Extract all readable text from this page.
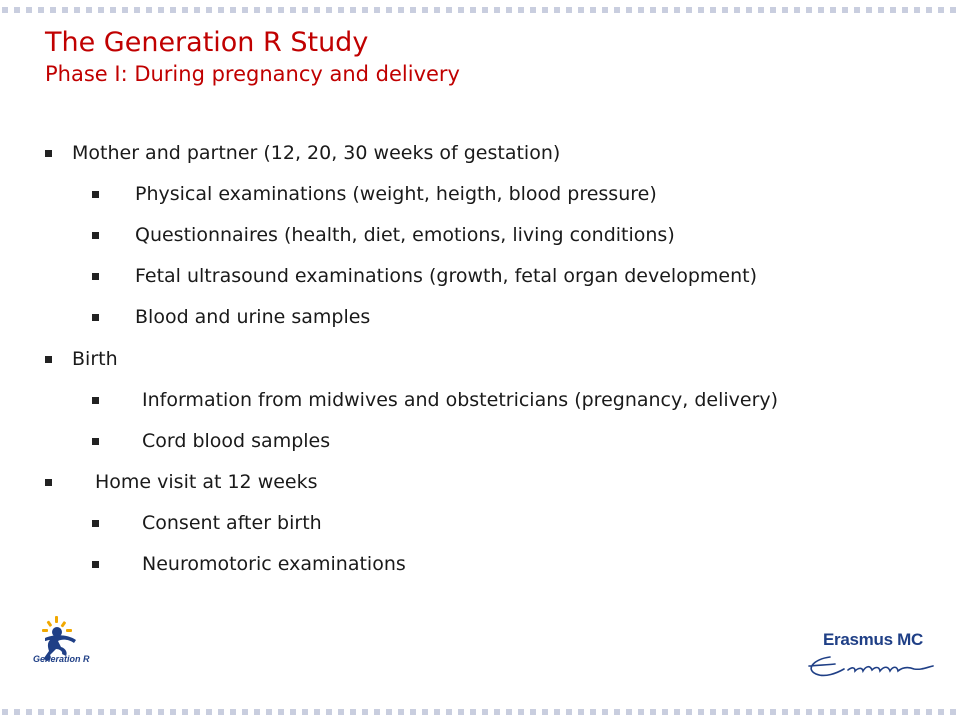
The Generation R Study
Phase I: During pregnancy and delivery
Mother and partner (12, 20, 30 weeks of gestation)
Physical examinations (weight, heigth, blood pressure)
Questionnaires (health, diet, emotions, living conditions)
Fetal ultrasound examinations (growth, fetal organ development)
Blood and urine samples
Birth
Information from midwives and obstetricians (pregnancy, delivery)
Cord blood samples
Home visit at 12 weeks
Consent after birth
Neuromotoric examinations
Generation R
Erasmus MC
